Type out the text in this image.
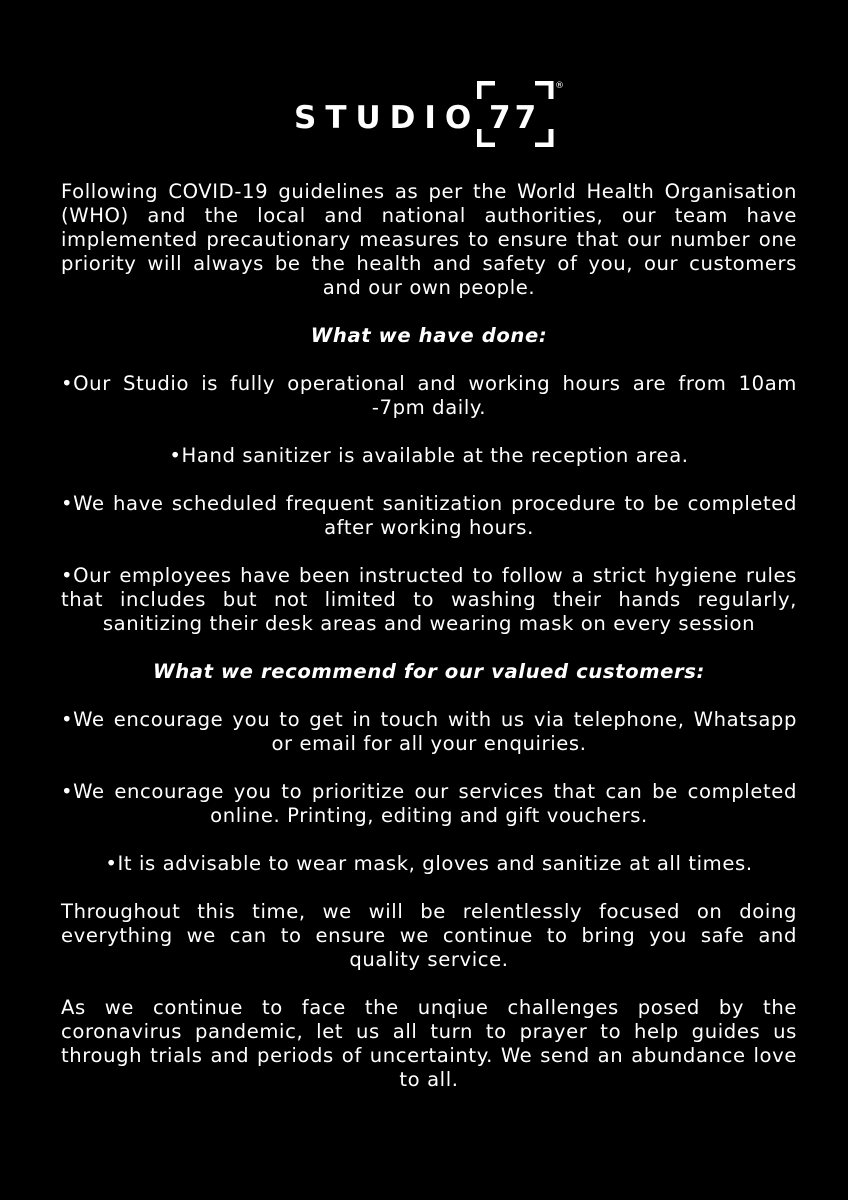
STUDIO 77
®

Following COVID-19 guidelines as per the World Health Organisation (WHO) and the local and national authorities, our team have implemented precautionary measures to ensure that our number one priority will always be the health and safety of you, our customers and our own people.

What we have done:

•Our Studio is fully operational and working hours are from 10am -7pm daily.

•Hand sanitizer is available at the reception area.

•We have scheduled frequent sanitization procedure to be completed after working hours.

•Our employees have been instructed to follow a strict hygiene rules that includes but not limited to washing their hands regularly, sanitizing their desk areas and wearing mask on every session

What we recommend for our valued customers:

•We encourage you to get in touch with us via telephone, Whatsapp or email for all your enquiries.

•We encourage you to prioritize our services that can be completed online. Printing, editing and gift vouchers.

•It is advisable to wear mask, gloves and sanitize at all times.

Throughout this time, we will be relentlessly focused on doing everything we can to ensure we continue to bring you safe and quality service.

As we continue to face the unqiue challenges posed by the coronavirus pandemic, let us all turn to prayer to help guides us through trials and periods of uncertainty. We send an abundance love to all.
